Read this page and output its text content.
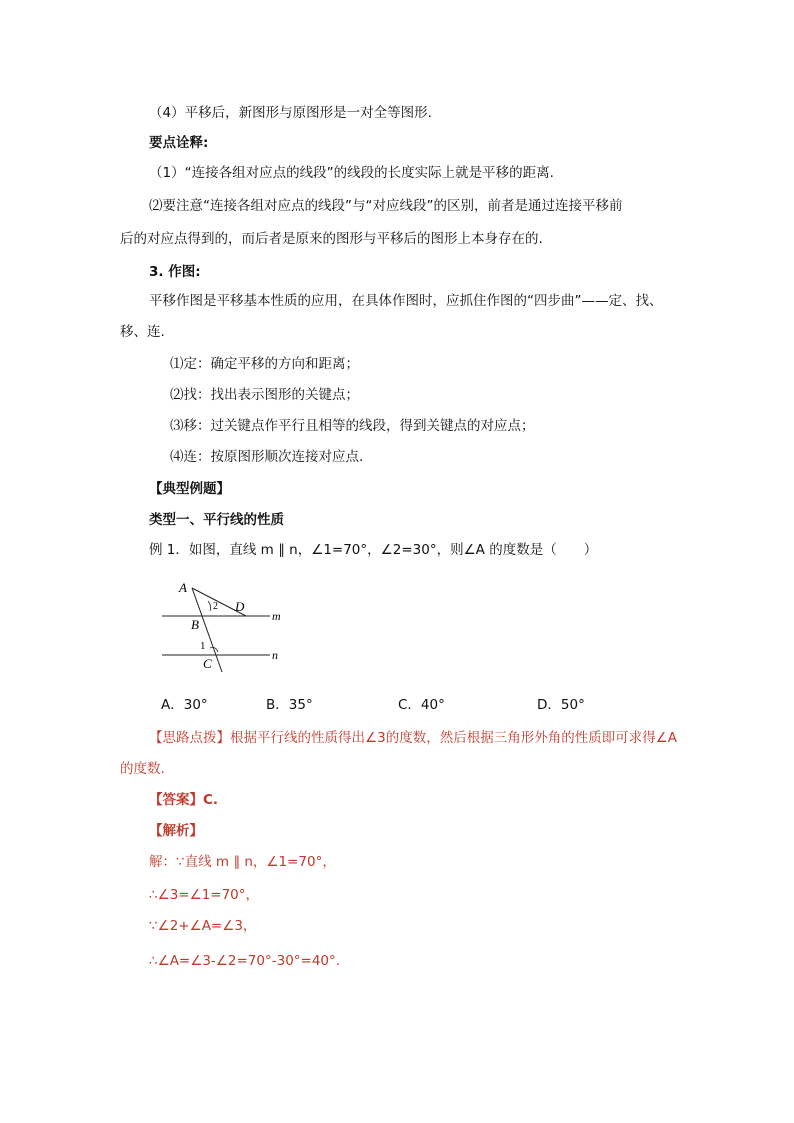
（4）平移后，新图形与原图形是一对全等图形.
要点诠释:
（1）“连接各组对应点的线段”的线段的长度实际上就是平移的距离.
⑵要注意“连接各组对应点的线段”与“对应线段”的区别，前者是通过连接平移前
后的对应点得到的，而后者是原来的图形与平移后的图形上本身存在的.
3. 作图:
平移作图是平移基本性质的应用，在具体作图时，应抓住作图的“四步曲”——定、找、
移、连.
⑴定：确定平移的方向和距离；
⑵找：找出表示图形的关键点；
⑶移：过关键点作平行且相等的线段，得到关键点的对应点；
⑷连：按原图形顺次连接对应点.
【典型例题】
类型一、平行线的性质
例 1．如图，直线 m ∥ n，∠1=70°，∠2=30°，则∠A 的度数是（　　）
A
D
B
C
m
n
1
2
A．30°	B．35°	C．40°	D．50°
【思路点拨】根据平行线的性质得出∠3的度数，然后根据三角形外角的性质即可求得∠A
的度数.
【答案】C.
【解析】
解：∵直线 m ∥ n，∠1=70°，
∴∠3=∠1=70°，
∵∠2+∠A=∠3，
∴∠A=∠3-∠2=70°-30°=40°.
